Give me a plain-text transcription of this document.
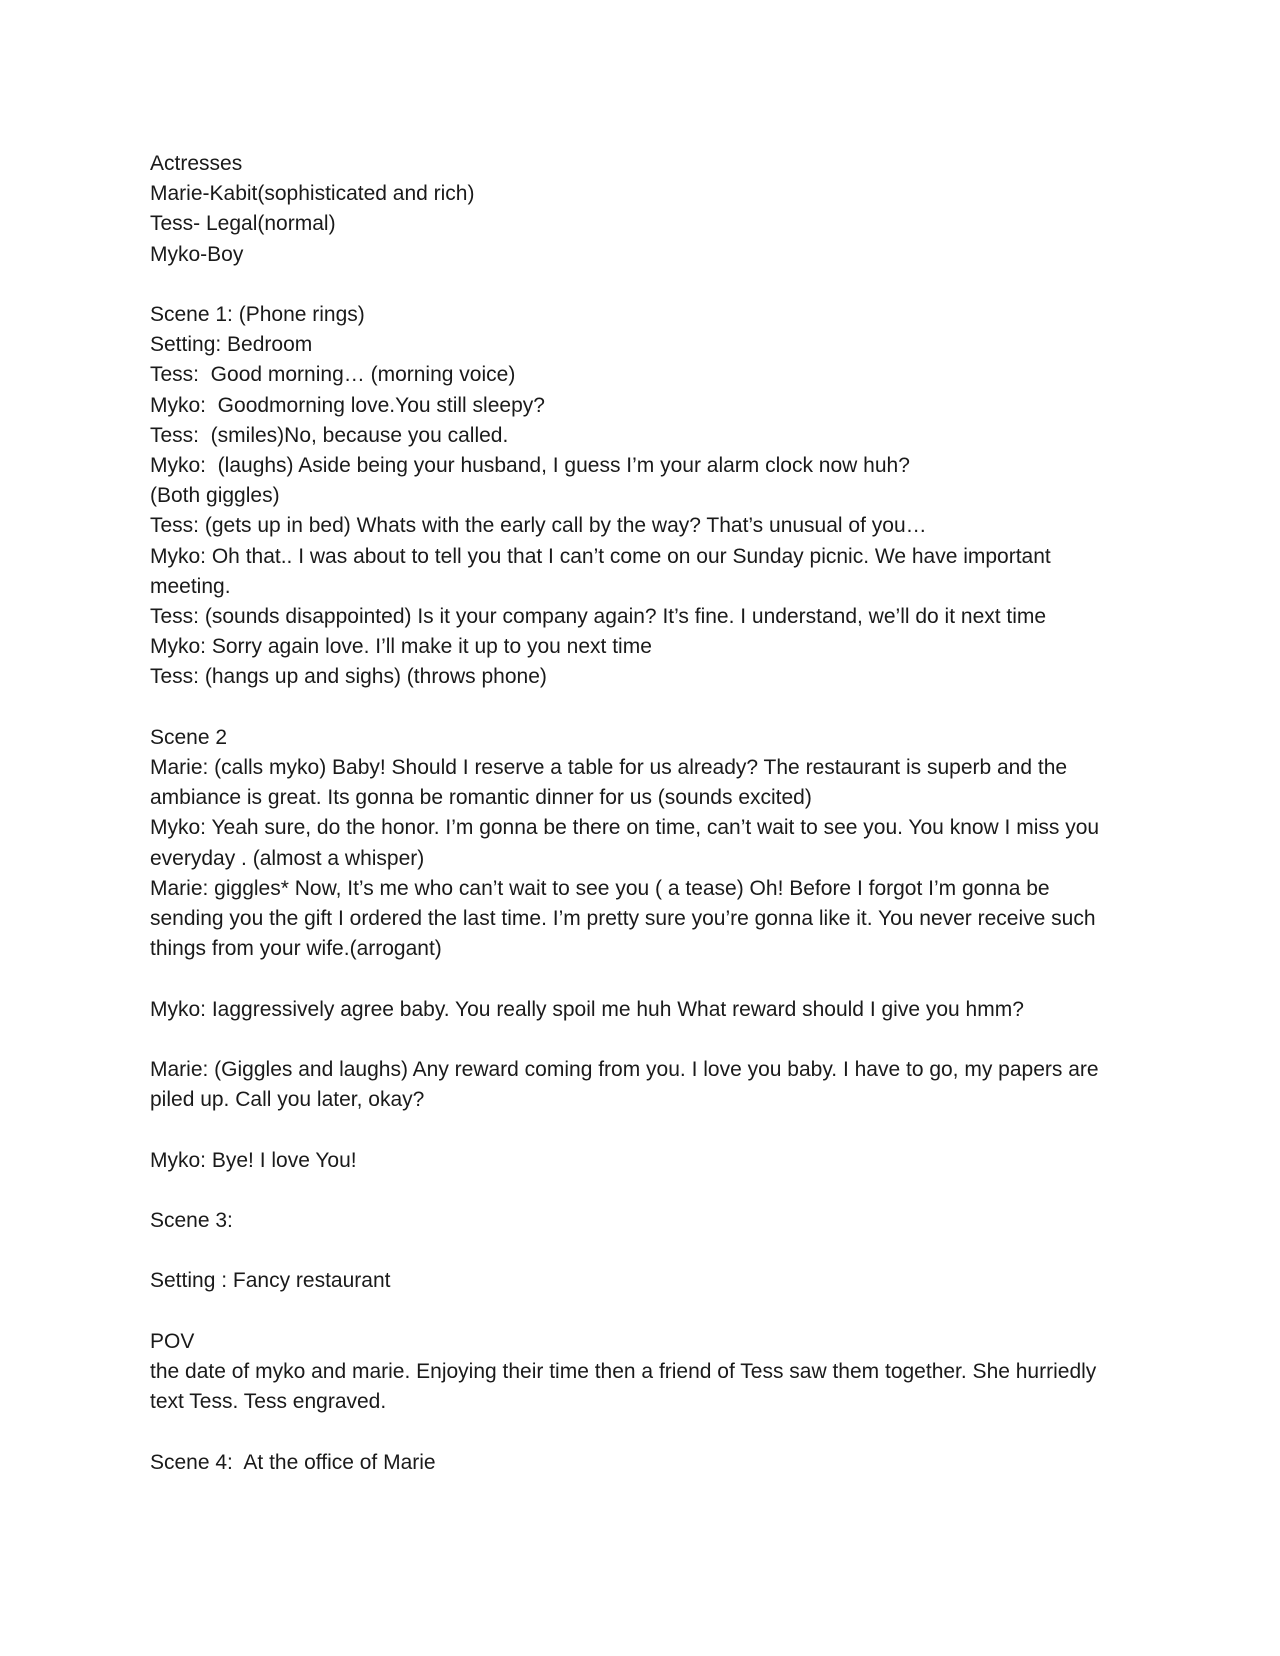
Actresses
Marie-Kabit(sophisticated and rich)
Tess- Legal(normal)
Myko-Boy
Scene 1: (Phone rings)
Setting: Bedroom
Tess:  Good morning… (morning voice)
Myko:  Goodmorning love.You still sleepy?
Tess:  (smiles)No, because you called.
Myko:  (laughs) Aside being your husband, I guess I’m your alarm clock now huh?
(Both giggles)
Tess: (gets up in bed) Whats with the early call by the way? That’s unusual of you…
Myko: Oh that.. I was about to tell you that I can’t come on our Sunday picnic. We have important meeting.
Tess: (sounds disappointed) Is it your company again? It’s fine. I understand, we’ll do it next time
Myko: Sorry again love. I’ll make it up to you next time
Tess: (hangs up and sighs) (throws phone)
Scene 2
Marie: (calls myko) Baby! Should I reserve a table for us already? The restaurant is superb and the ambiance is great. Its gonna be romantic dinner for us (sounds excited)
Myko: Yeah sure, do the honor. I’m gonna be there on time, can’t wait to see you. You know I miss you everyday . (almost a whisper)
Marie: giggles* Now, It’s me who can’t wait to see you ( a tease) Oh! Before I forgot I’m gonna be sending you the gift I ordered the last time. I’m pretty sure you’re gonna like it. You never receive such things from your wife.(arrogant)
Myko: Iaggressively agree baby. You really spoil me huh What reward should I give you hmm?
Marie: (Giggles and laughs) Any reward coming from you. I love you baby. I have to go, my papers are piled up. Call you later, okay?
Myko: Bye! I love You!
Scene 3:
Setting : Fancy restaurant
POV
the date of myko and marie. Enjoying their time then a friend of Tess saw them together. She hurriedly text Tess. Tess engraved.
Scene 4:  At the office of Marie
